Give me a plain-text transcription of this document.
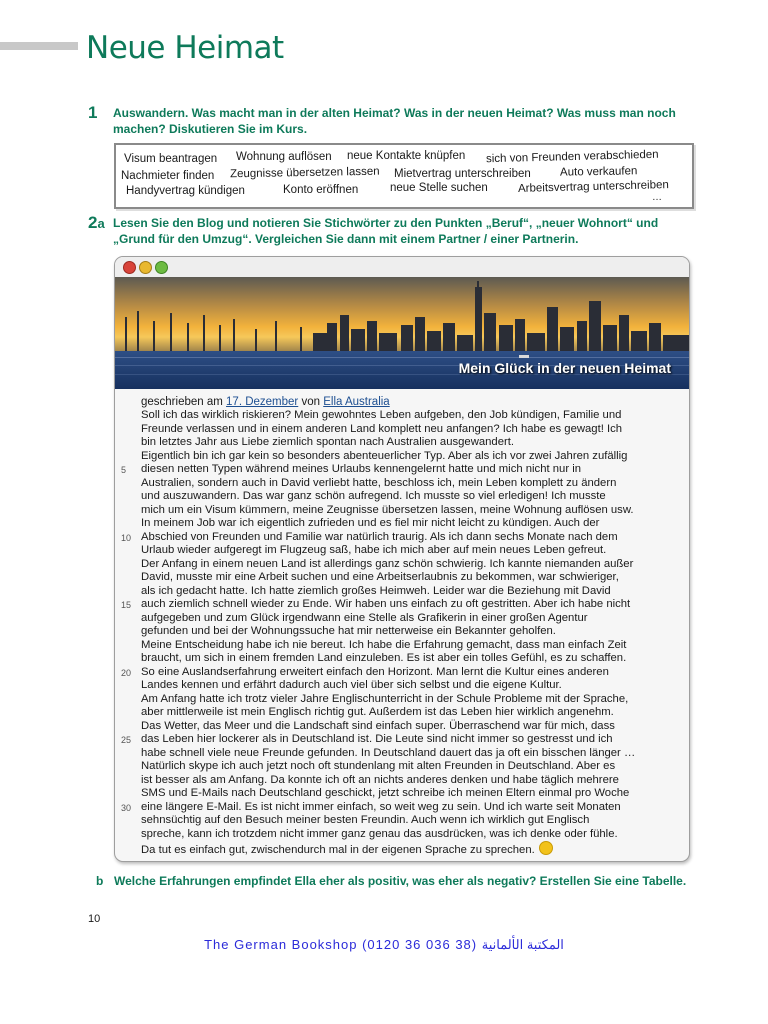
Neue Heimat
1 Auswandern. Was macht man in der alten Heimat? Was in der neuen Heimat? Was muss man noch
machen? Diskutieren Sie im Kurs.
Visum beantragen Wohnung auflösen neue Kontakte knüpfen sich von Freunden verabschieden
Nachmieter finden Zeugnisse übersetzen lassen Mietvertrag unterschreiben	Auto verkaufen
Handyvertrag kündigen	Konto eröffnen	neue Stelle suchen	Arbeitsvertrag unterschreiben
…
2a Lesen Sie den Blog und notieren Sie Stichwörter zu den Punkten „Beruf“, „neuer Wohnort“ und
„Grund für den Umzug“. Vergleichen Sie dann mit einem Partner / einer Partnerin.
Mein Glück in der neuen Heimat
geschrieben am 17. Dezember von Ella Australia
Soll ich das wirklich riskieren? Mein gewohntes Leben aufgeben, den Job kündigen, Familie und
Freunde verlassen und in einem anderen Land komplett neu anfangen? Ich habe es gewagt! Ich
bin letztes Jahr aus Liebe ziemlich spontan nach Australien ausgewandert.
Eigentlich bin ich gar kein so besonders abenteuerlicher Typ. Aber als ich vor zwei Jahren zufällig
diesen netten Typen während meines Urlaubs kennengelernt hatte und mich nicht nur in
Australien, sondern auch in David verliebt hatte, beschloss ich, mein Leben komplett zu ändern
und auszuwandern. Das war ganz schön aufregend. Ich musste so viel erledigen! Ich musste
mich um ein Visum kümmern, meine Zeugnisse übersetzen lassen, meine Wohnung auflösen usw.
In meinem Job war ich eigentlich zufrieden und es fiel mir nicht leicht zu kündigen. Auch der
Abschied von Freunden und Familie war natürlich traurig. Als ich dann sechs Monate nach dem
Urlaub wieder aufgeregt im Flugzeug saß, habe ich mich aber auf mein neues Leben gefreut.
Der Anfang in einem neuen Land ist allerdings ganz schön schwierig. Ich kannte niemanden außer
David, musste mir eine Arbeit suchen und eine Arbeitserlaubnis zu bekommen, war schwieriger,
als ich gedacht hatte. Ich hatte ziemlich großes Heimweh. Leider war die Beziehung mit David
auch ziemlich schnell wieder zu Ende. Wir haben uns einfach zu oft gestritten. Aber ich habe nicht
aufgegeben und zum Glück irgendwann eine Stelle als Grafikerin in einer großen Agentur
gefunden und bei der Wohnungssuche hat mir netterweise ein Bekannter geholfen.
Meine Entscheidung habe ich nie bereut. Ich habe die Erfahrung gemacht, dass man einfach Zeit
braucht, um sich in einem fremden Land einzuleben. Es ist aber ein tolles Gefühl, es zu schaffen.
So eine Auslandserfahrung erweitert einfach den Horizont. Man lernt die Kultur eines anderen
Landes kennen und erfährt dadurch auch viel über sich selbst und die eigene Kultur.
Am Anfang hatte ich trotz vieler Jahre Englischunterricht in der Schule Probleme mit der Sprache,
aber mittlerweile ist mein Englisch richtig gut. Außerdem ist das Leben hier wirklich angenehm.
Das Wetter, das Meer und die Landschaft sind einfach super. Überraschend war für mich, dass
das Leben hier lockerer als in Deutschland ist. Die Leute sind nicht immer so gestresst und ich
habe schnell viele neue Freunde gefunden. In Deutschland dauert das ja oft ein bisschen länger …
Natürlich skype ich auch jetzt noch oft stundenlang mit alten Freunden in Deutschland. Aber es
ist besser als am Anfang. Da konnte ich oft an nichts anderes denken und habe täglich mehrere
SMS und E-Mails nach Deutschland geschickt, jetzt schreibe ich meinen Eltern einmal pro Woche
eine längere E-Mail. Es ist nicht immer einfach, so weit weg zu sein. Und ich warte seit Monaten
sehnsüchtig auf den Besuch meiner besten Freundin. Auch wenn ich wirklich gut Englisch
spreche, kann ich trotzdem nicht immer ganz genau das ausdrücken, was ich denke oder fühle.
Da tut es einfach gut, zwischendurch mal in der eigenen Sprache zu sprechen.
5
10
15
20
25
30
b Welche Erfahrungen empfindet Ella eher als positiv, was eher als negativ? Erstellen Sie eine Tabelle.
10
The German Bookshop (0120 36 036 38) المكتبة الألمانية
